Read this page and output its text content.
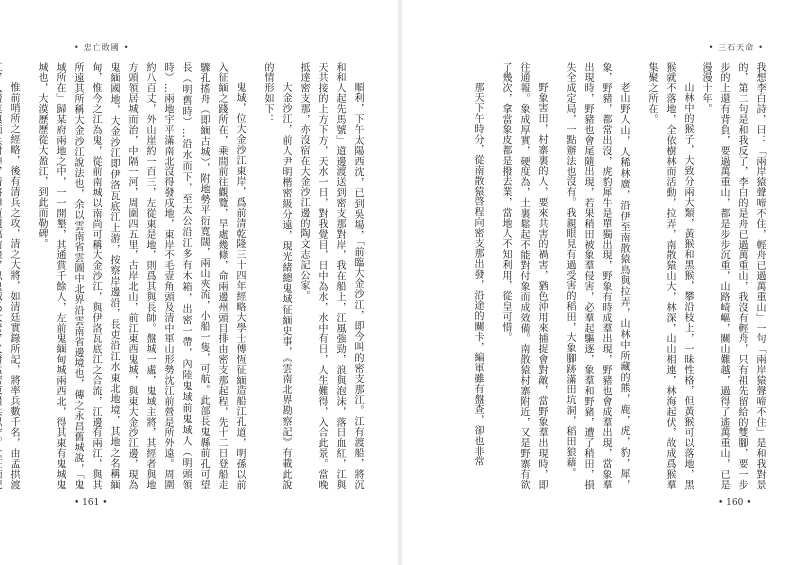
• 忠亡敗國 •

順利，下午太陽西沈，已到吳場，「前臨大金沙江，即今叫的密支那江。江有渡船，將沉和和人起先馬號」道邊渡送到密支那對岸，我在船上，江風強勁，浪與泡沫，落日血紅，江與天共接的上方下方，天水一日，對我覺目，日中為水，水中有日，人生難得，入合此景。當晚抵達密支那，亦沒宿在大金沙江邊的陶文志記公家。

大金沙江，前人尹明楷密級分遠，現光緒總鬼域征緬史事，《雲南北界勘察記》有載此說的情形如下：

鬼域，位大金沙江東岸，爲前清乾隆三十四年經略大學士傅恆征緬造船江孔道，明孫以前入征緬之踐所在，乘間前往觀覽，旱處幾條，命兩邊州頭目排由密支那起程，先十二日登船走驟孔搖舟（即緬古城），附地勢平衍寬闊，兩山夾流，小船一隻，可航。此部長鬼縣前孔可望長（明舊時）…沿水而下，至太公沿江多有木箱，出密一帶，內陸鬼域前鬼域人（明頭領時）…兩地宇平滿南北沒得發戌地，東岸不毛壹角頭及清中軍山形勢沈江前營是所外遠。周圍約八百丈，外山崖約一百三，左從東是地，則爲其與長帥。盤城一處，鬼域主將，其經者與地方頭領居城而治，中隔一河，周圍四五里，古岸北山，前江東西鬼城，與東大金沙江邊，現為鬼緬國地，大金沙江即伊洛瓦底江上游，按察岸邊沿，長吏沿江水東北地境，其地之名稱緬甸，惟今之江為鬼，從前南城以南尚可稱大金沙江，與伊洛瓦底江之合流，江邊有兩江，與其所遠其所稱大金沙江說法也，余以雲南省雲圖中北界沿雲南省邊境也，傳之永昌舊城說，「鬼域所在」歸某府兩地之中，一一開墾，其通賞千餘人，左前鬼緬甸城兩西北，得其東有鬼城鬼城也，大漠歷歷從大盈江，到此而勒碑。

惟前哨所之經略，後有清兵之攻，清之大將，如清廷實錄所記，將率兵數千名，由孟拱渡

• 161 •
• 三石天命 •

我想李白詩，曰：「兩岸猿聲啼不住，輕舟已過萬重山」一句「兩岸猿聲啼不住」是和我對景的，第二句是和我反了，李白的是舟已過萬重山，我沒有輕舟，只有祖先留給的雙腳，要一步步的上還有背負，要過萬重山，都是步步沉重，山路崎嶇，關山難越，過得了遙萬重山，已是漫漫十年。

山林中的猴子，大致分兩大類，黃猴和黑猴，攀沿枝上，一昧性格，但黃猴可以落地，黑猴就不落地，全依樹林而活動，拉弄，南散猿山大，林深，山山相連，林海起伏，故成爲猴羣集聚之所在。

老山野人山，人稀林廣，沿伊至南散猿鳥與拉弄，山林中所藏的熊，鹿，虎，豹，犀，象，野豬，都常出沒，虎豹犀牛是單獨出現，野象有時成羣出現，野豬也會成羣出現，當象羣出現時，野豬也會尾隨出現，若果稍田被象羣侵害，必羣起驅逐，象羣和野豬，遭了稍田，損失全成定局，一點辦法也沒有。我親眼見有過受害的稻田，大象腳跡滿田坑洞，稻田狼藉。

野象害田，村寨裏的人，要來共害的禍害，猶色沖用來捕捉會對敵，當野象羣出現時，即往通報。象成厚實，硬度為，土裏鬆起不能對付象而成效備。南散猿村寨附近，又是野寨有欲了幾次，拿當象皮都是撥去業，當地人不知利用，從皇可惜。

那天下午時分，從南散猿啓程向密支那出發，沿途的關卡，編軍雖有盤查，卻也非常

• 160 •
